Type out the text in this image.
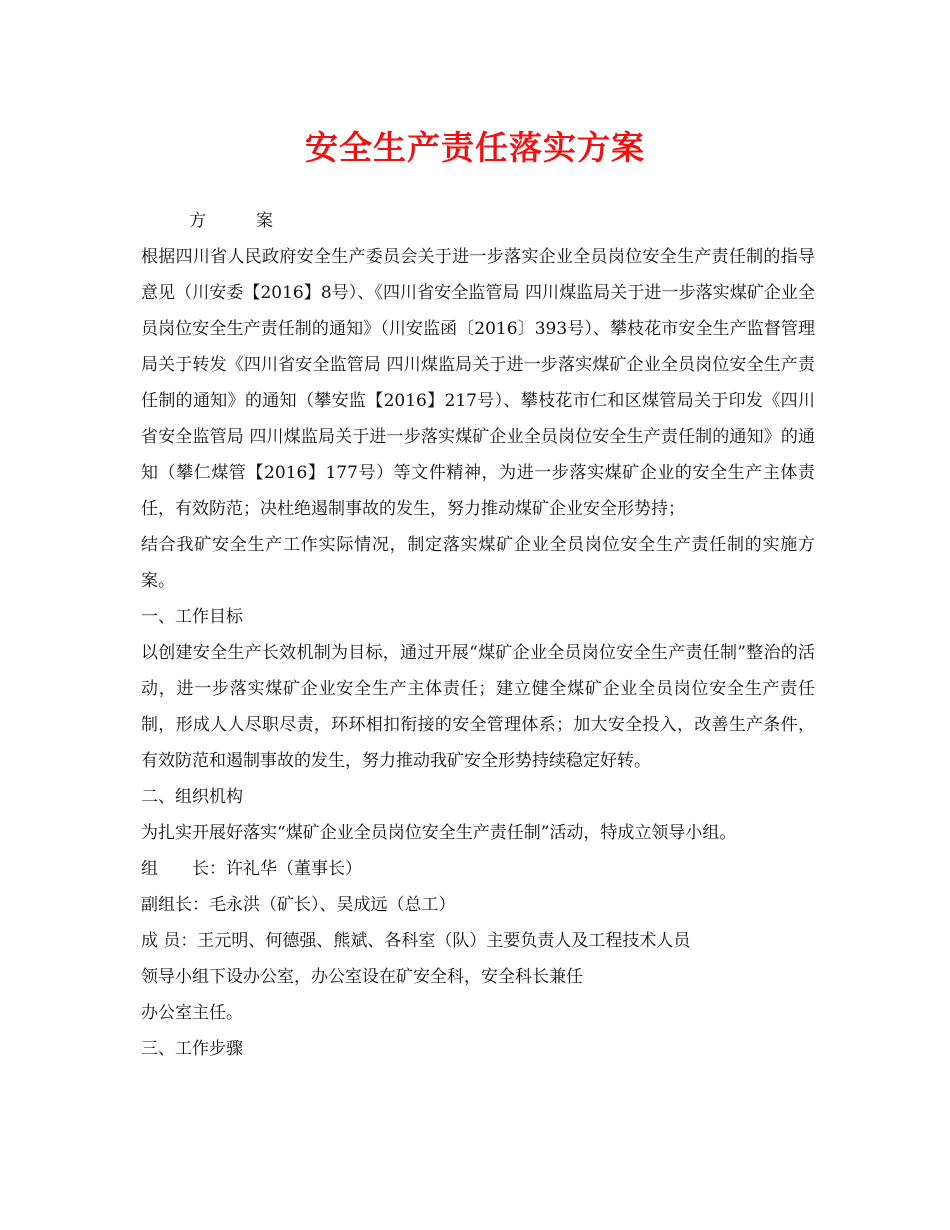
安全生产责任落实方案

方	案

根据四川省人民政府安全生产委员会关于进一步落实企业全员岗位安全生产责任制的指导意见（川安委【2016】8号）、《四川省安全监管局 四川煤监局关于进一步落实煤矿企业全员岗位安全生产责任制的通知》（川安监函〔2016〕393号）、攀枝花市安全生产监督管理局关于转发《四川省安全监管局 四川煤监局关于进一步落实煤矿企业全员岗位安全生产责任制的通知》的通知（攀安监【2016】217号）、攀枝花市仁和区煤管局关于印发《四川省安全监管局 四川煤监局关于进一步落实煤矿企业全员岗位安全生产责任制的通知》的通知（攀仁煤管【2016】177号）等文件精神，为进一步落实煤矿企业的安全生产主体责任，有效防范；决杜绝遏制事故的发生，努力推动煤矿企业安全形势持；

结合我矿安全生产工作实际情况，制定落实煤矿企业全员岗位安全生产责任制的实施方案。

一、工作目标

以创建安全生产长效机制为目标，通过开展“煤矿企业全员岗位安全生产责任制”整治的活动，进一步落实煤矿企业安全生产主体责任；建立健全煤矿企业全员岗位安全生产责任制，形成人人尽职尽责，环环相扣衔接的安全管理体系；加大安全投入，改善生产条件，有效防范和遏制事故的发生，努力推动我矿安全形势持续稳定好转。

二、组织机构

为扎实开展好落实“煤矿企业全员岗位安全生产责任制”活动，特成立领导小组。

组　　长：许礼华（董事长）

副组长：毛永洪（矿长）、吴成远（总工）

成 员：王元明、何德强、熊斌、各科室（队）主要负责人及工程技术人员

领导小组下设办公室，办公室设在矿安全科，安全科长兼任

办公室主任。

三、工作步骤
